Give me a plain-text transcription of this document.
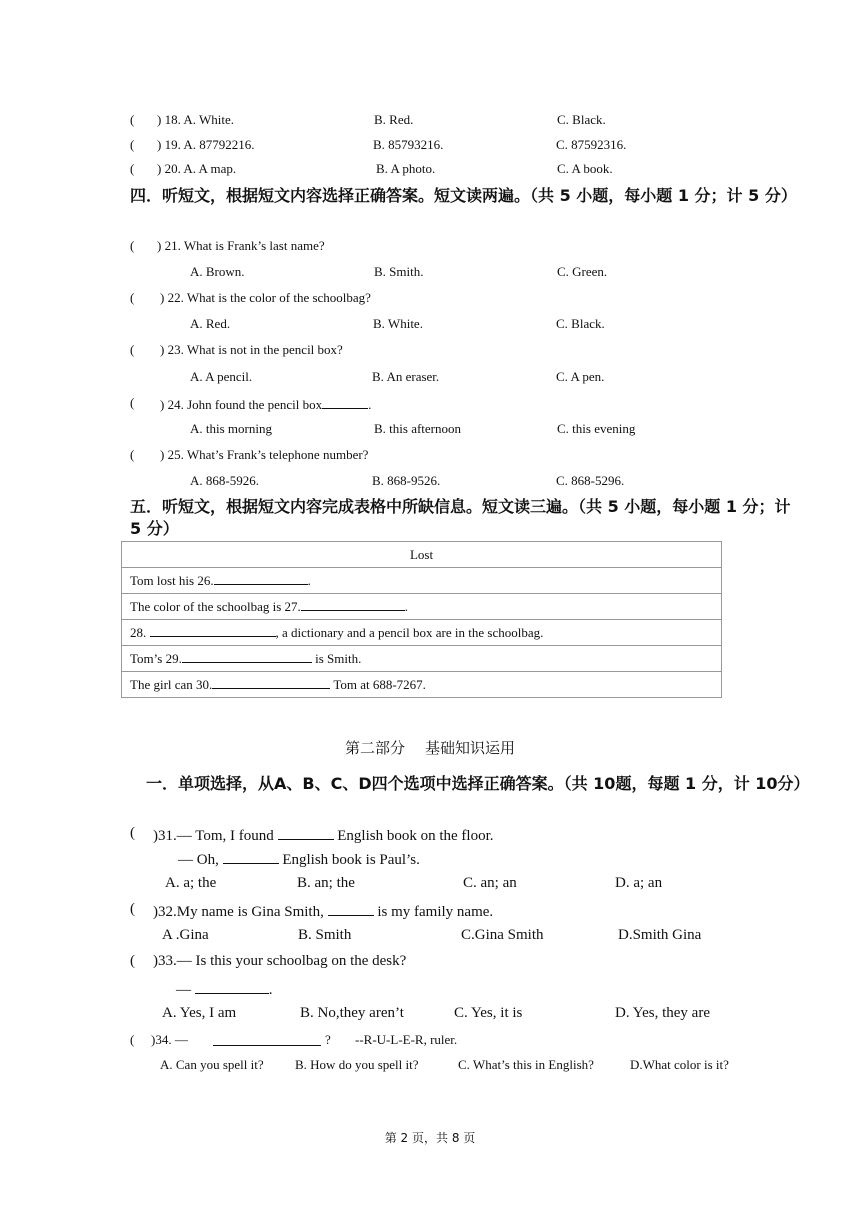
( ) 18. A. White.	B. Red.	C. Black.
( ) 19. A. 87792216.	B. 85793216.	C. 87592316.
( ) 20. A. A map.	B. A photo.	C. A book.
四．听短文，根据短文内容选择正确答案。短文读两遍。（共 5 小题，每小题 1 分；计 5 分）
( ) 21. What is Frank’s last name?
A. Brown.	B. Smith.	C. Green.
( ) 22. What is the color of the schoolbag?
A. Red.	B. White.	C. Black.
( ) 23. What is not in the pencil box?
A. A pencil.	B. An eraser.	C. A pen.
( ) 24. John found the pencil box	.
A. this morning	B. this afternoon	C. this evening
( ) 25. What’s Frank’s telephone number?
A. 868-5926.	B. 868-9526.	C. 868-5296.
五．听短文，根据短文内容完成表格中所缺信息。短文读三遍。（共 5 小题，每小题 1 分；计 5 分）
Lost
Tom lost his 26.	.
The color of the schoolbag is 27.	.
28.	, a dictionary and a pencil box are in the schoolbag.
Tom’s 29.	is Smith.
The girl can 30.	Tom at 688-7267.
第二部分 基础知识运用
一．单项选择，从A、B、C、D四个选项中选择正确答案。（共 10题，每题 1 分，计 10分）
( )31.— Tom, I found	English book on the floor.
— Oh,	English book is Paul’s.
A. a; the	B. an; the	C. an; an	D. a; an
( )32.My name is Gina Smith,	is my family name.
A .Gina	B. Smith	C.Gina Smith	D.Smith Gina
( )33.— Is this your schoolbag on the desk?
—	.
A. Yes, I am	B. No,they aren’t	C. Yes, it is	D. Yes, they are
( )34. —	? --R-U-L-E-R, ruler.
A. Can you spell it? B. How do you spell it?	C. What’s this in English?	D.What color is it?
第 2 页，共 8 页
